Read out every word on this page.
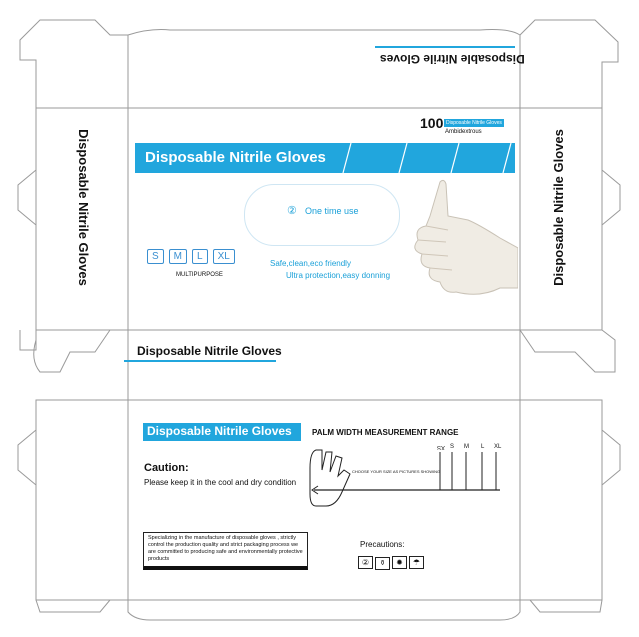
Disposable Nitrile Gloves
Disposable Nitrile Gloves	Disposable Nitrile Gloves
100 Disposable Nitrile Gloves
Ambidextrous
Disposable Nitrile Gloves
② One time use
S M L XL
MULTIPURPOSE
Safe,clean,eco friendly
Ultra protection,easy donning
Disposable Nitrile Gloves
Disposable Nitrile Gloves	PALM WIDTH MEASUREMENT RANGE
XS S M L XL
CHOOSE YOUR SIZE AS PICTURES SHOWING
Caution:
Please keep it in the cool and dry condition
Specializing in the manufacture of disposable gloves , strictly control the production quality and strict packaging process we are committed to producing safe and environmentally protective products
Precautions:
② ⚱ ✹ ☂
